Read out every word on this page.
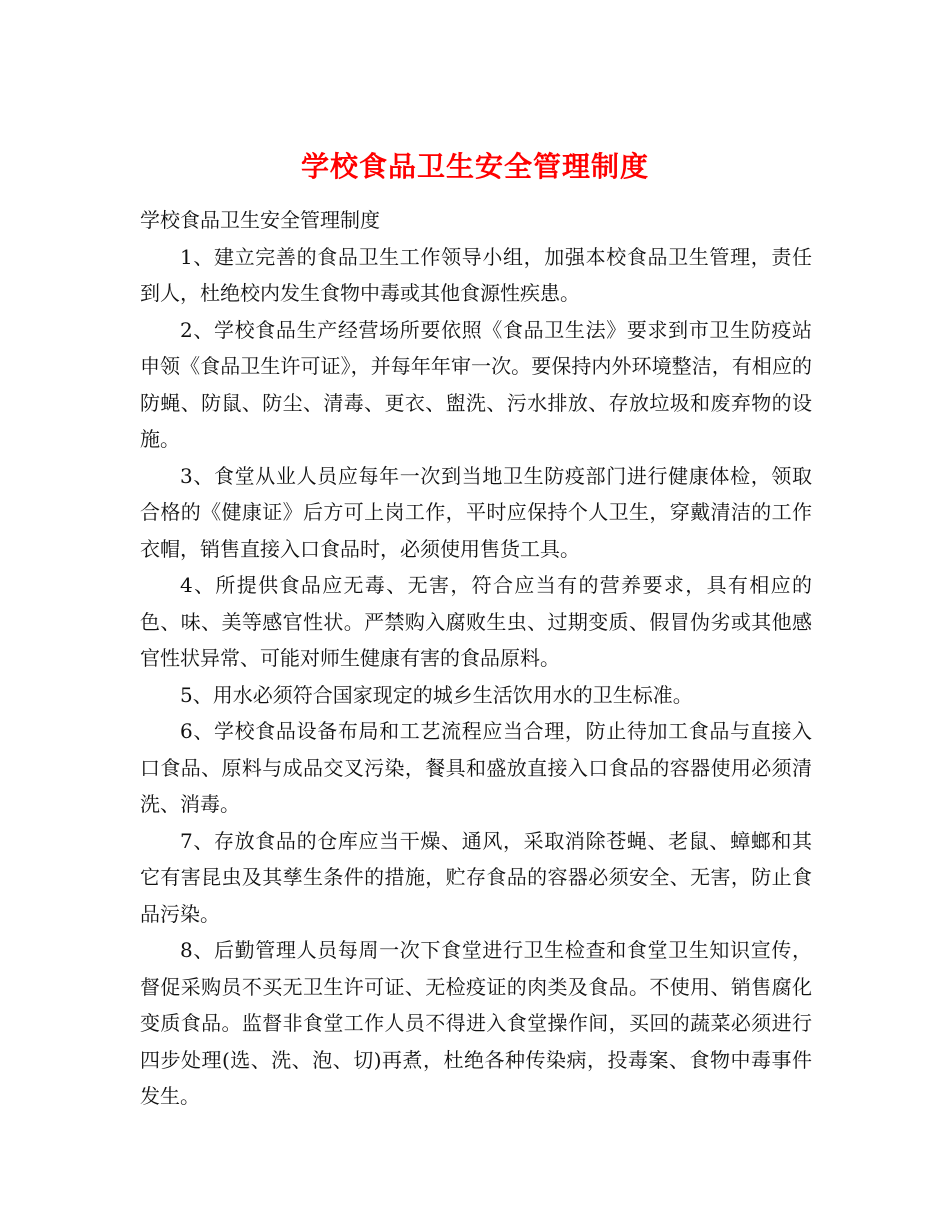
学校食品卫生安全管理制度

学校食品卫生安全管理制度

1、建立完善的食品卫生工作领导小组，加强本校食品卫生管理，责任到人，杜绝校内发生食物中毒或其他食源性疾患。

2、学校食品生产经营场所要依照《食品卫生法》要求到市卫生防疫站申领《食品卫生许可证》，并每年年审一次。要保持内外环境整洁，有相应的防蝇、防鼠、防尘、清毒、更衣、盥洗、污水排放、存放垃圾和废弃物的设施。

3、食堂从业人员应每年一次到当地卫生防疫部门进行健康体检，领取合格的《健康证》后方可上岗工作，平时应保持个人卫生，穿戴清洁的工作衣帽，销售直接入口食品时，必须使用售货工具。

4、所提供食品应无毒、无害，符合应当有的营养要求，具有相应的色、味、美等感官性状。严禁购入腐败生虫、过期变质、假冒伪劣或其他感官性状异常、可能对师生健康有害的食品原料。

5、用水必须符合国家现定的城乡生活饮用水的卫生标准。

6、学校食品设备布局和工艺流程应当合理，防止待加工食品与直接入口食品、原料与成品交叉污染，餐具和盛放直接入口食品的容器使用必须清洗、消毒。

7、存放食品的仓库应当干燥、通风，采取消除苍蝇、老鼠、蟑螂和其它有害昆虫及其孳生条件的措施，贮存食品的容器必须安全、无害，防止食品污染。

8、后勤管理人员每周一次下食堂进行卫生检查和食堂卫生知识宣传，督促采购员不买无卫生许可证、无检疫证的肉类及食品。不使用、销售腐化变质食品。监督非食堂工作人员不得进入食堂操作间，买回的蔬菜必须进行四步处理(选、洗、泡、切)再煮，杜绝各种传染病，投毒案、食物中毒事件发生。
